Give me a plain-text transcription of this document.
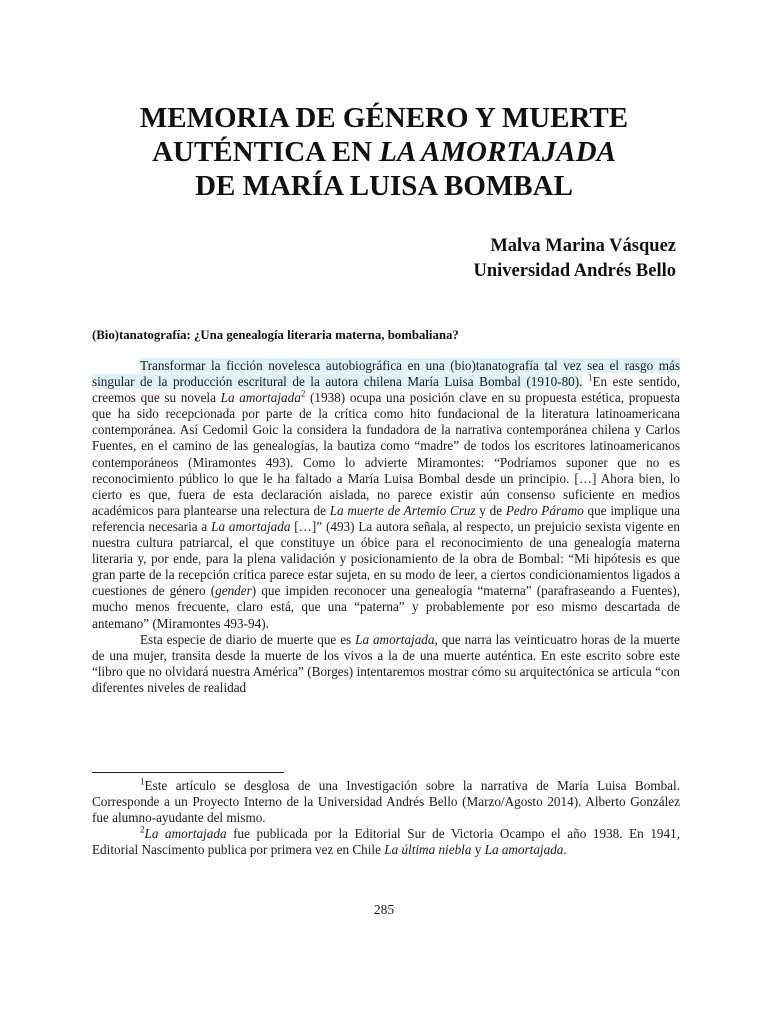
MEMORIA DE GÉNERO Y MUERTE
AUTÉNTICA EN LA AMORTAJADA
DE MARÍA LUISA BOMBAL
Malva Marina Vásquez
Universidad Andrés Bello
(Bio)tanatografía: ¿Una genealogía literaria materna, bombaliana?

Transformar la ficción novelesca autobiográfica en una (bio)tanatografía tal vez sea el rasgo más singular de la producción escritural de la autora chilena María Luisa Bombal (1910-80). $^1$En este sentido, creemos que su novela La amortajada$^2$ (1938) ocupa una posición clave en su propuesta estética, propuesta que ha sido recepcionada por parte de la crítica como hito fundacional de la literatura latinoamericana contemporánea. Así Cedomil Goic la considera la fundadora de la narrativa contemporánea chilena y Carlos Fuentes, en el camino de las genealogías, la bautiza como “madre” de todos los escritores latinoamericanos contemporáneos (Miramontes 493). Como lo advierte Miramontes: “Podríamos suponer que no es reconocimiento público lo que le ha faltado a María Luisa Bombal desde un principio. […] Ahora bien, lo cierto es que, fuera de esta declaración aislada, no parece existir aún consenso suficiente en medios académicos para plantearse una relectura de La muerte de Artemio Cruz y de Pedro Páramo que implique una referencia necesaria a La amortajada […]” (493) La autora señala, al respecto, un prejuicio sexista vigente en nuestra cultura patriarcal, el que constituye un óbice para el reconocimiento de una genealogía materna literaria y, por ende, para la plena validación y posicionamiento de la obra de Bombal: “Mi hipótesis es que gran parte de la recepción crítica parece estar sujeta, en su modo de leer, a ciertos condicionamientos ligados a cuestiones de género (gender) que impiden reconocer una genealogía “materna” (parafraseando a Fuentes), mucho menos frecuente, claro está, que una “paterna” y probablemente por eso mismo descartada de antemano” (Miramontes 493-94).

Esta especie de diario de muerte que es La amortajada, que narra las veinticuatro horas de la muerte de una mujer, transita desde la muerte de los vivos a la de una muerte auténtica. En este escrito sobre este “libro que no olvidará nuestra América” (Borges) intentaremos mostrar cómo su arquitectónica se articula “con diferentes niveles de realidad

$^1$Este artículo se desglosa de una Investigación sobre la narrativa de María Luisa Bombal. Corresponde a un Proyecto Interno de la Universidad Andrés Bello (Marzo/Agosto 2014). Alberto González fue alumno-ayudante del mismo.

$^2$La amortajada fue publicada por la Editorial Sur de Victoria Ocampo el año 1938. En 1941, Editorial Nascimento publica por primera vez en Chile La última niebla y La amortajada.

285
